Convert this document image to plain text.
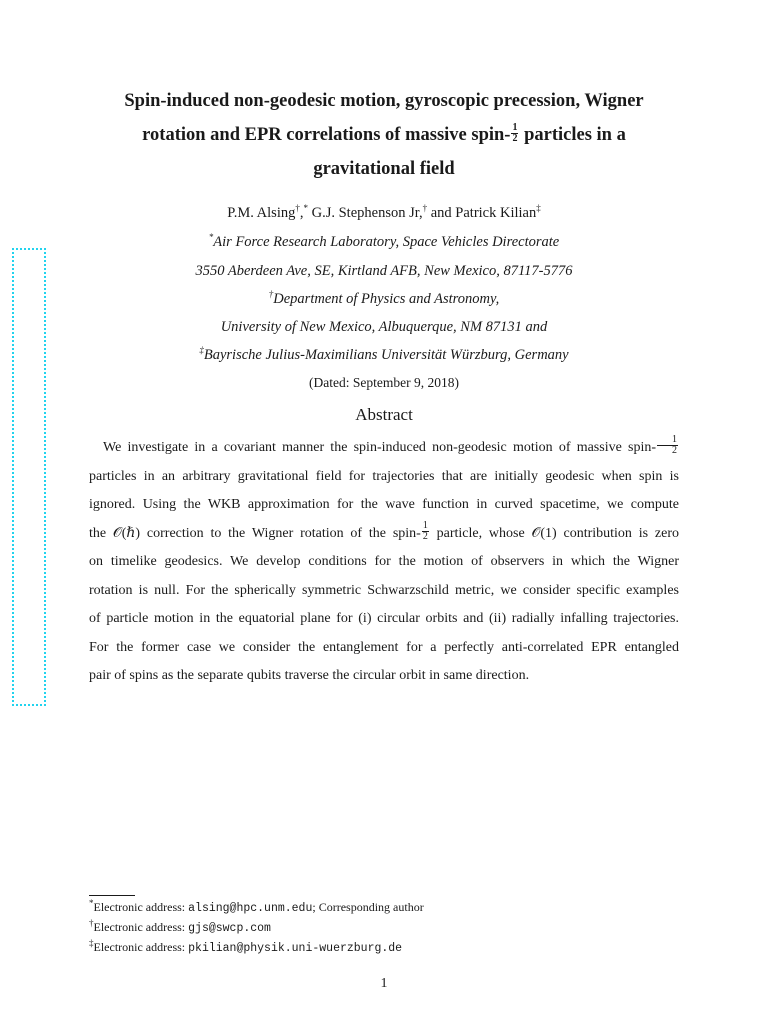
Spin-induced non-geodesic motion, gyroscopic precession, Wigner
rotation and EPR correlations of massive spin- $\frac{1}{2}$ particles in a
gravitational field
P.M. Alsing†,* G.J. Stephenson Jr,† and Patrick Kilian‡
*Air Force Research Laboratory, Space Vehicles Directorate
3550 Aberdeen Ave, SE, Kirtland AFB, New Mexico, 87117-5776
†Department of Physics and Astronomy,
University of New Mexico, Albuquerque, NM 87131 and
‡Bayrische Julius-Maximilians Universität Würzburg, Germany
(Dated: September 9, 2018)
Abstract
We investigate in a covariant manner the spin-induced non-geodesic motion of massive spin- $\frac{1}{2}$
particles in an arbitrary gravitational field for trajectories that are initially geodesic when spin is
ignored. Using the WKB approximation for the wave function in curved spacetime, we compute
the 𝒪(ℏ) correction to the Wigner rotation of the spin- $\frac{1}{2}$ particle, whose 𝒪(1) contribution is zero
on timelike geodesics. We develop conditions for the motion of observers in which the Wigner
rotation is null. For the spherically symmetric Schwarzschild metric, we consider specific examples
of particle motion in the equatorial plane for (i) circular orbits and (ii) radially infalling trajectories.
For the former case we consider the entanglement for a perfectly anti-correlated EPR entangled
pair of spins as the separate qubits traverse the circular orbit in same direction.
*Electronic address: alsing@hpc.unm.edu; Corresponding author
†Electronic address: gjs@swcp.com
‡Electronic address: pkilian@physik.uni-wuerzburg.de
1
